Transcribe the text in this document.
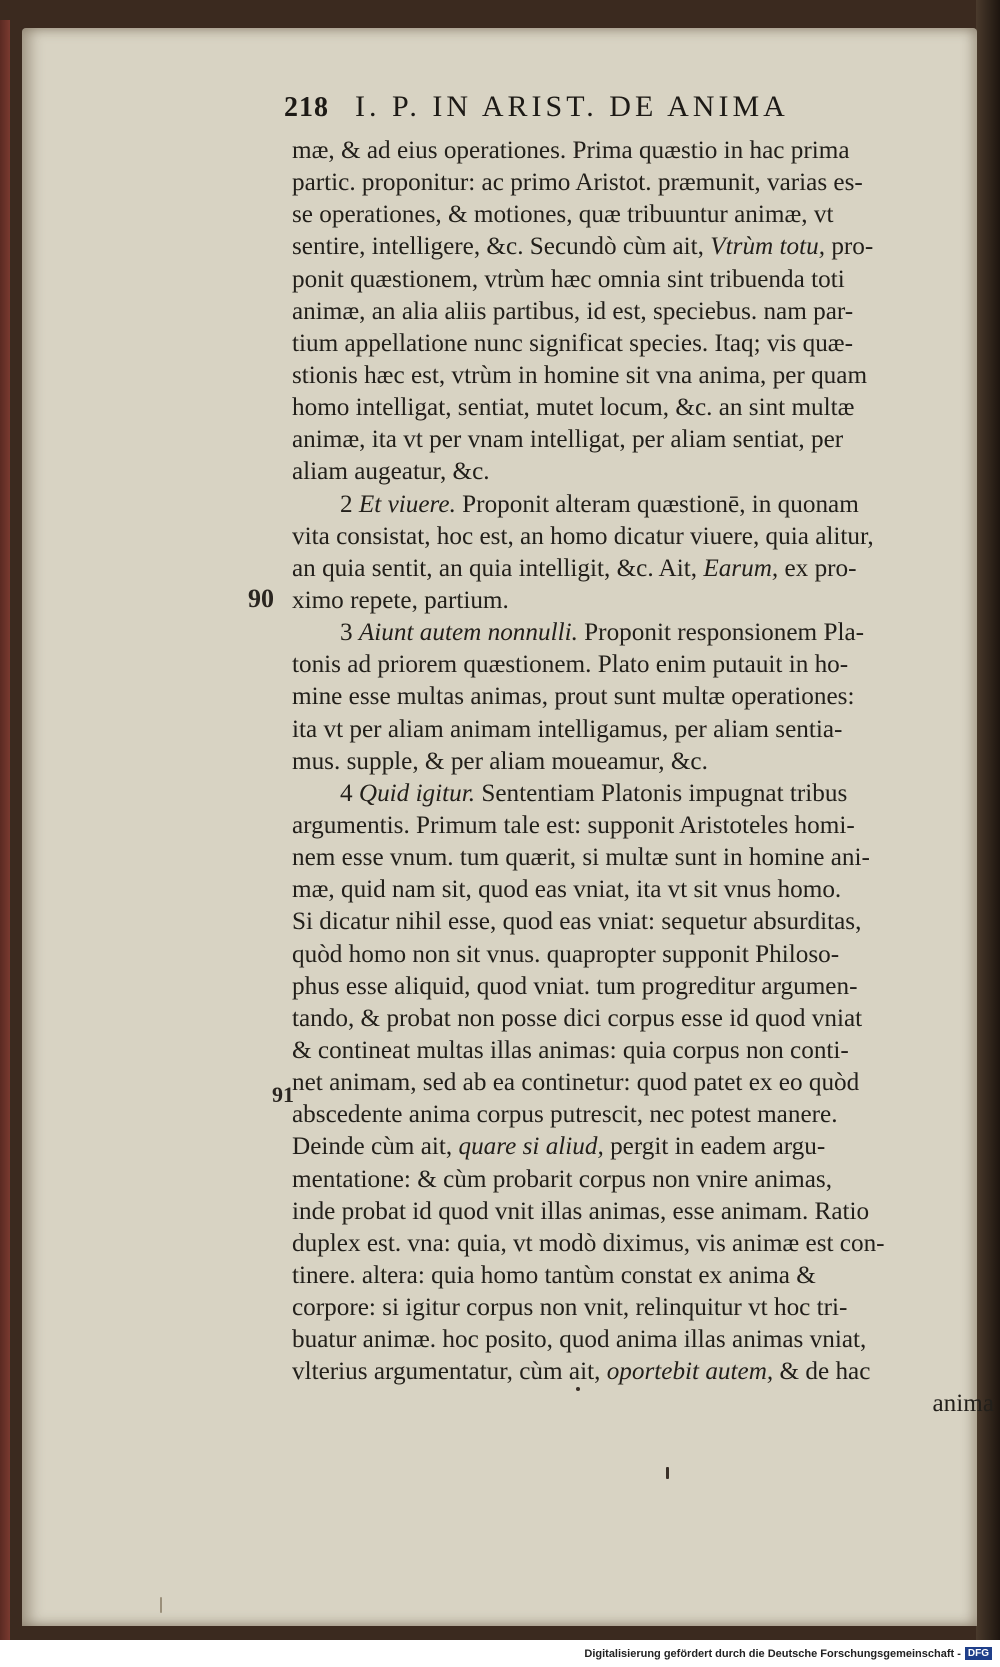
218 I. P. IN ARIST. DE ANIMA
90
91
mæ, & ad eius operationes. Prima quæstio in hac prima
partic. proponitur: ac primo Aristot. præmunit, varias es-
se operationes, & motiones, quæ tribuuntur animæ, vt
sentire, intelligere, &c. Secundò cùm ait, Vtrùm totu, pro-
ponit quæstionem, vtrùm hæc omnia sint tribuenda toti
animæ, an alia aliis partibus, id est, speciebus. nam par-
tium appellatione nunc significat species. Itaq; vis quæ-
stionis hæc est, vtrùm in homine sit vna anima, per quam
homo intelligat, sentiat, mutet locum, &c. an sint multæ
animæ, ita vt per vnam intelligat, per aliam sentiat, per
aliam augeatur, &c.
2 Et viuere. Proponit alteram quæstionē, in quonam
vita consistat, hoc est, an homo dicatur viuere, quia alitur,
an quia sentit, an quia intelligit, &c. Ait, Earum, ex pro-
ximo repete, partium.
3 Aiunt autem nonnulli. Proponit responsionem Pla-
tonis ad priorem quæstionem. Plato enim putauit in ho-
mine esse multas animas, prout sunt multæ operationes:
ita vt per aliam animam intelligamus, per aliam sentia-
mus. supple, & per aliam moueamur, &c.
4 Quid igitur. Sententiam Platonis impugnat tribus
argumentis. Primum tale est: supponit Aristoteles homi-
nem esse vnum. tum quærit, si multæ sunt in homine ani-
mæ, quid nam sit, quod eas vniat, ita vt sit vnus homo.
Si dicatur nihil esse, quod eas vniat: sequetur absurditas,
quòd homo non sit vnus. quapropter supponit Philoso-
phus esse aliquid, quod vniat. tum progreditur argumen-
tando, & probat non posse dici corpus esse id quod vniat
& contineat multas illas animas: quia corpus non conti-
net animam, sed ab ea continetur: quod patet ex eo quòd
abscedente anima corpus putrescit, nec potest manere.
Deinde cùm ait, quare si aliud, pergit in eadem argu-
mentatione: & cùm probarit corpus non vnire animas,
inde probat id quod vnit illas animas, esse animam. Ratio
duplex est. vna: quia, vt modò diximus, vis animæ est con-
tinere. altera: quia homo tantùm constat ex anima &
corpore: si igitur corpus non vnit, relinquitur vt hoc tri-
buatur animæ. hoc posito, quod anima illas animas vniat,
vlterius argumentatur, cùm ait, oportebit autem, & de hac
anima
Digitalisierung gefördert durch die Deutsche Forschungsgemeinschaft - DFG
